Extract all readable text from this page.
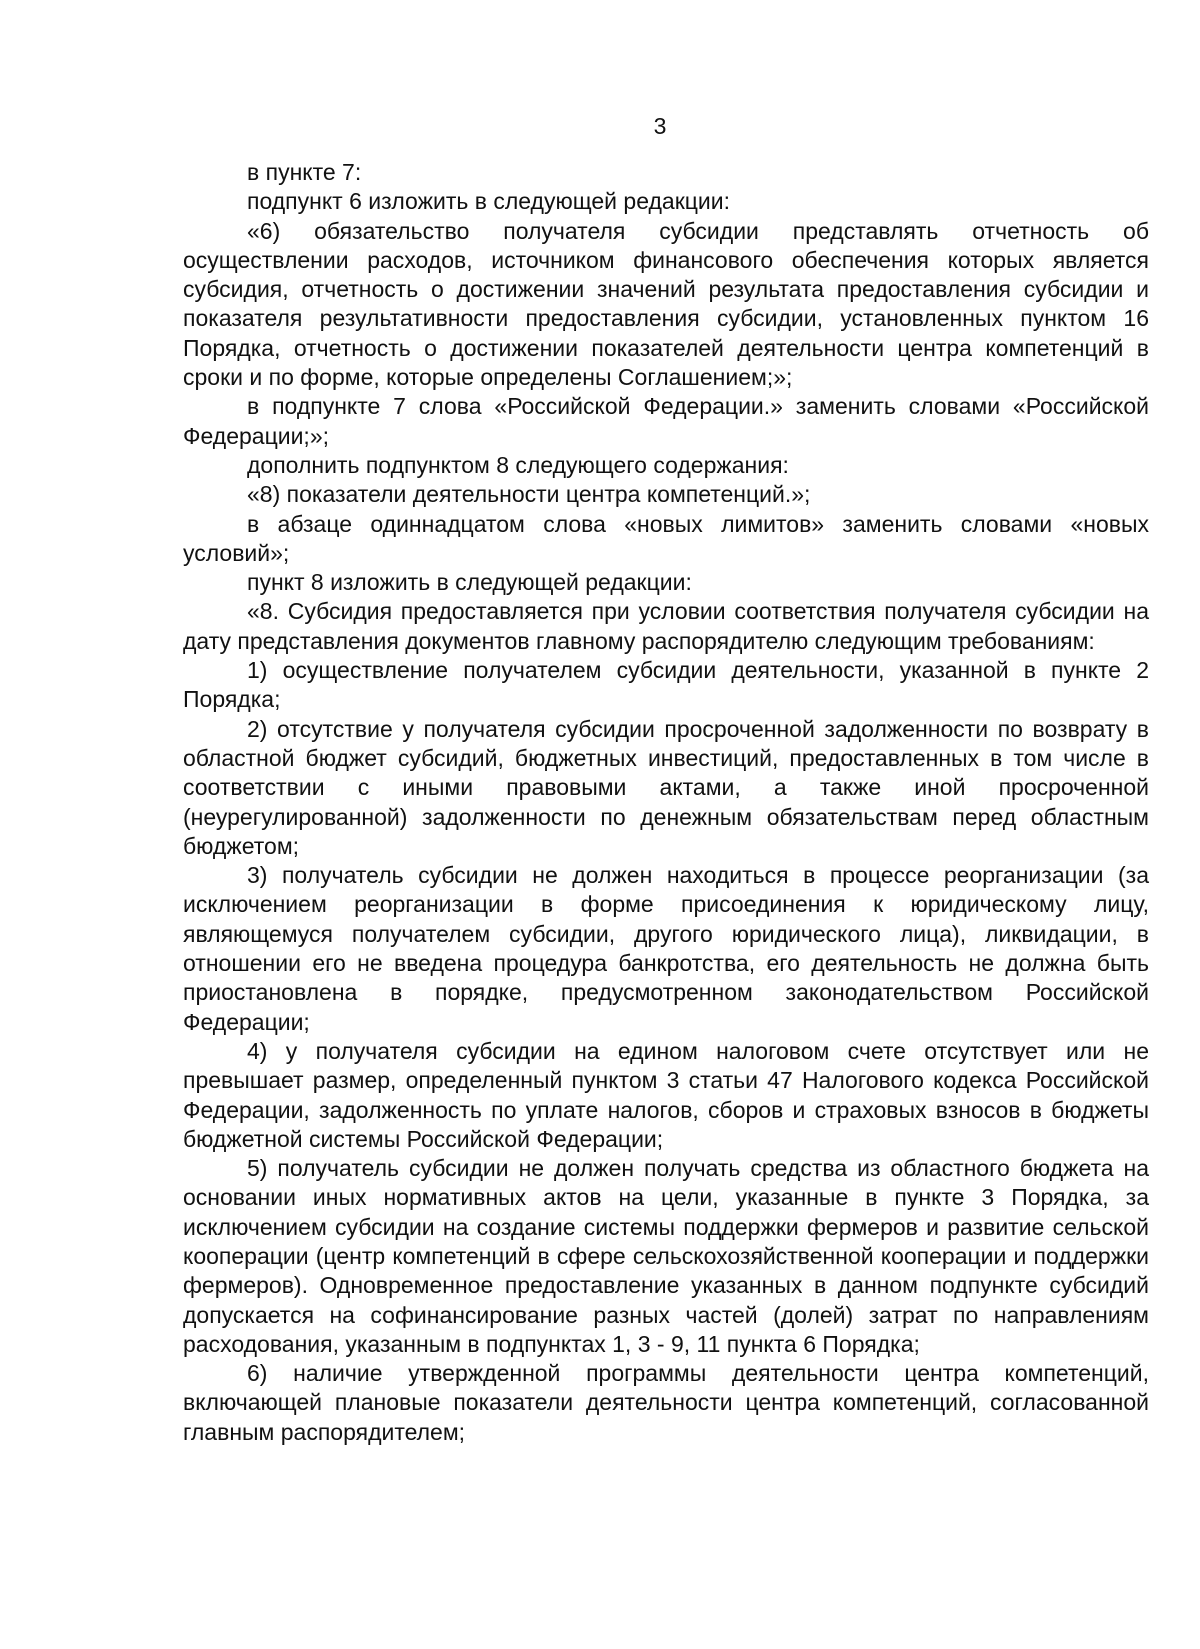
3

в пункте 7:

подпункт 6 изложить в следующей редакции:

«6) обязательство получателя субсидии представлять отчетность об осуществлении расходов, источником финансового обеспечения которых является субсидия, отчетность о достижении значений результата предоставления субсидии и показателя результативности предоставления субсидии, установленных пунктом 16 Порядка, отчетность о достижении показателей деятельности центра компетенций в сроки и по форме, которые определены Соглашением;»;

в подпункте 7 слова «Российской Федерации.» заменить словами «Российской Федерации;»;

дополнить подпунктом 8 следующего содержания:

«8) показатели деятельности центра компетенций.»;

в абзаце одиннадцатом слова «новых лимитов» заменить словами «новых условий»;

пункт 8 изложить в следующей редакции:

«8. Субсидия предоставляется при условии соответствия получателя субсидии на дату представления документов главному распорядителю следующим требованиям:

1) осуществление получателем субсидии деятельности, указанной в пункте 2 Порядка;

2) отсутствие у получателя субсидии просроченной задолженности по возврату в областной бюджет субсидий, бюджетных инвестиций, предоставленных в том числе в соответствии с иными правовыми актами, а также иной просроченной (неурегулированной) задолженности по денежным обязательствам перед областным бюджетом;

3) получатель субсидии не должен находиться в процессе реорганизации (за исключением реорганизации в форме присоединения к юридическому лицу, являющемуся получателем субсидии, другого юридического лица), ликвидации, в отношении его не введена процедура банкротства, его деятельность не должна быть приостановлена в порядке, предусмотренном законодательством Российской Федерации;

4) у получателя субсидии на едином налоговом счете отсутствует или не превышает размер, определенный пунктом 3 статьи 47 Налогового кодекса Российской Федерации, задолженность по уплате налогов, сборов и страховых взносов в бюджеты бюджетной системы Российской Федерации;

5) получатель субсидии не должен получать средства из областного бюджета на основании иных нормативных актов на цели, указанные в пункте 3 Порядка, за исключением субсидии на создание системы поддержки фермеров и развитие сельской кооперации (центр компетенций в сфере сельскохозяйственной кооперации и поддержки фермеров). Одновременное предоставление указанных в данном подпункте субсидий допускается на софинансирование разных частей (долей) затрат по направлениям расходования, указанным в подпунктах 1, 3 - 9, 11 пункта 6 Порядка;

6) наличие утвержденной программы деятельности центра компетенций, включающей плановые показатели деятельности центра компетенций, согласованной главным распорядителем;
